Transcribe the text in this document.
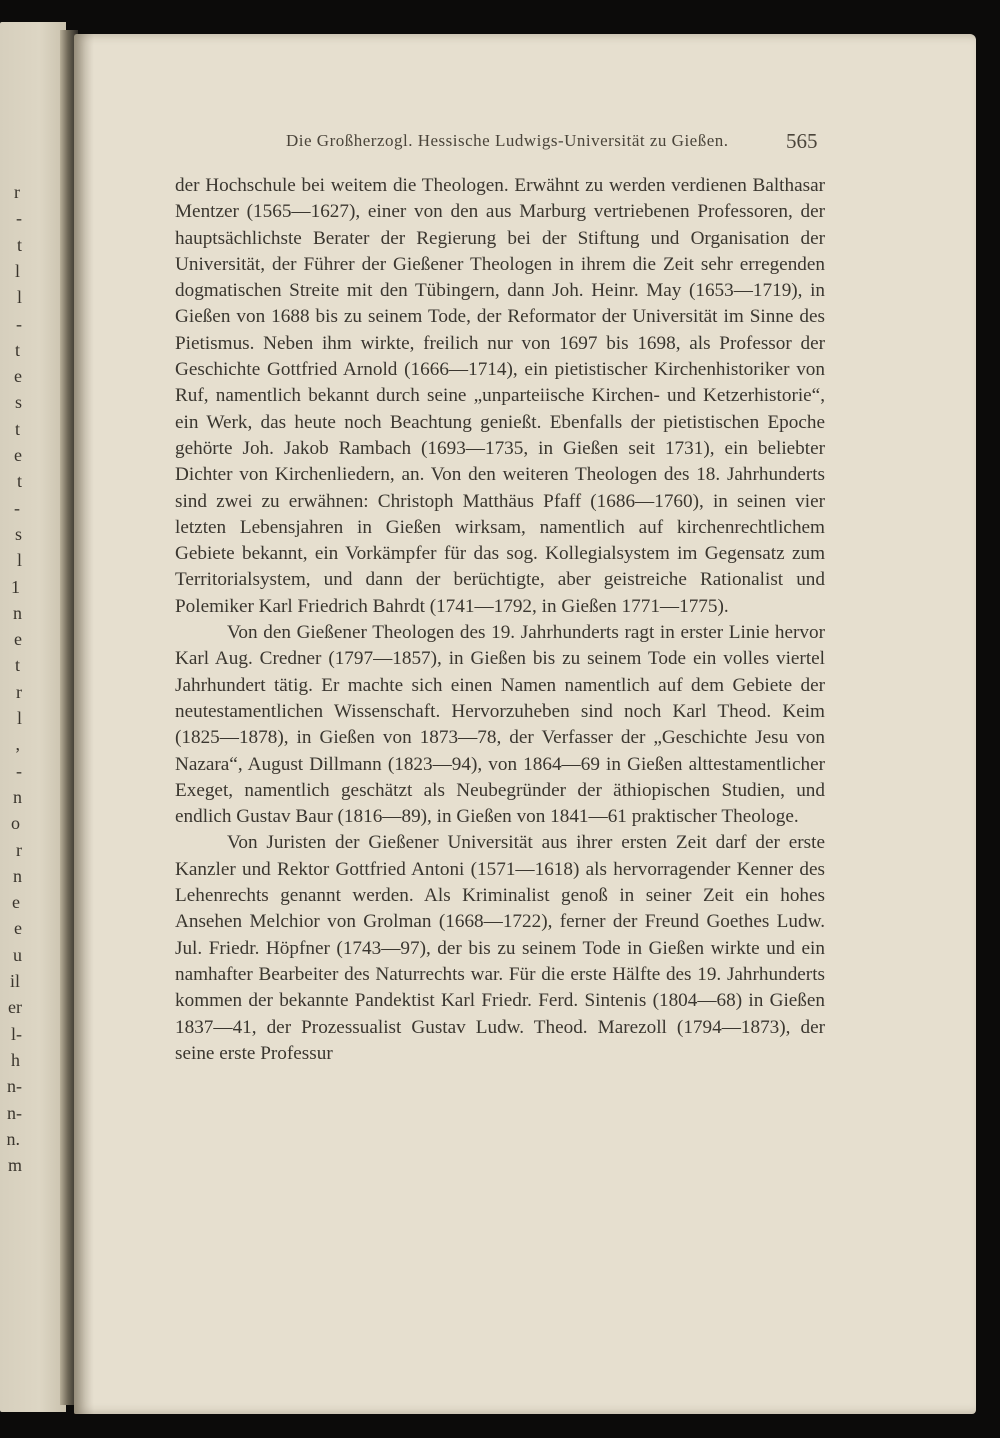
r
-
t
l
l
-
t
e
s
t
e
t
-
s
l
1
n
e
t
r
l
,
-
n
o
r
n
e
e
u
il
er
l-
h
n-
n-
n.
m
Die Großherzogl. Hessische Ludwigs-Universität zu Gießen.	565

der Hochschule bei weitem die Theologen. Erwähnt zu werden verdienen Balthasar Mentzer (1565—1627), einer von den aus Marburg vertriebenen Professoren, der hauptsächlichste Berater der Regierung bei der Stiftung und Organisation der Universität, der Führer der Gießener Theologen in ihrem die Zeit sehr erregenden dogmatischen Streite mit den Tübingern, dann Joh. Heinr. May (1653—1719), in Gießen von 1688 bis zu seinem Tode, der Reformator der Universität im Sinne des Pietismus. Neben ihm wirkte, freilich nur von 1697 bis 1698, als Professor der Geschichte Gottfried Arnold (1666—1714), ein pietistischer Kirchenhistoriker von Ruf, namentlich bekannt durch seine „unparteiische Kirchen- und Ketzerhistorie“, ein Werk, das heute noch Beachtung genießt. Ebenfalls der pietistischen Epoche gehörte Joh. Jakob Rambach (1693—1735, in Gießen seit 1731), ein beliebter Dichter von Kirchenliedern, an. Von den weiteren Theologen des 18. Jahrhunderts sind zwei zu erwähnen: Christoph Matthäus Pfaff (1686—1760), in seinen vier letzten Lebensjahren in Gießen wirksam, namentlich auf kirchenrechtlichem Gebiete bekannt, ein Vorkämpfer für das sog. Kollegialsystem im Gegensatz zum Territorialsystem, und dann der berüchtigte, aber geistreiche Rationalist und Polemiker Karl Friedrich Bahrdt (1741—1792, in Gießen 1771—1775).

Von den Gießener Theologen des 19. Jahrhunderts ragt in erster Linie hervor Karl Aug. Credner (1797—1857), in Gießen bis zu seinem Tode ein volles viertel Jahrhundert tätig. Er machte sich einen Namen namentlich auf dem Gebiete der neutestamentlichen Wissenschaft. Hervorzuheben sind noch Karl Theod. Keim (1825—1878), in Gießen von 1873—78, der Verfasser der „Geschichte Jesu von Nazara“, August Dillmann (1823—94), von 1864—69 in Gießen alttestamentlicher Exeget, namentlich geschätzt als Neubegründer der äthiopischen Studien, und endlich Gustav Baur (1816—89), in Gießen von 1841—61 praktischer Theologe.

Von Juristen der Gießener Universität aus ihrer ersten Zeit darf der erste Kanzler und Rektor Gottfried Antoni (1571—1618) als hervorragender Kenner des Lehenrechts genannt werden. Als Kriminalist genoß in seiner Zeit ein hohes Ansehen Melchior von Grolman (1668—1722), ferner der Freund Goethes Ludw. Jul. Friedr. Höpfner (1743—97), der bis zu seinem Tode in Gießen wirkte und ein namhafter Bearbeiter des Naturrechts war. Für die erste Hälfte des 19. Jahrhunderts kommen der bekannte Pandektist Karl Friedr. Ferd. Sintenis (1804—68) in Gießen 1837—41, der Prozessualist Gustav Ludw. Theod. Marezoll (1794—1873), der seine erste Professur
